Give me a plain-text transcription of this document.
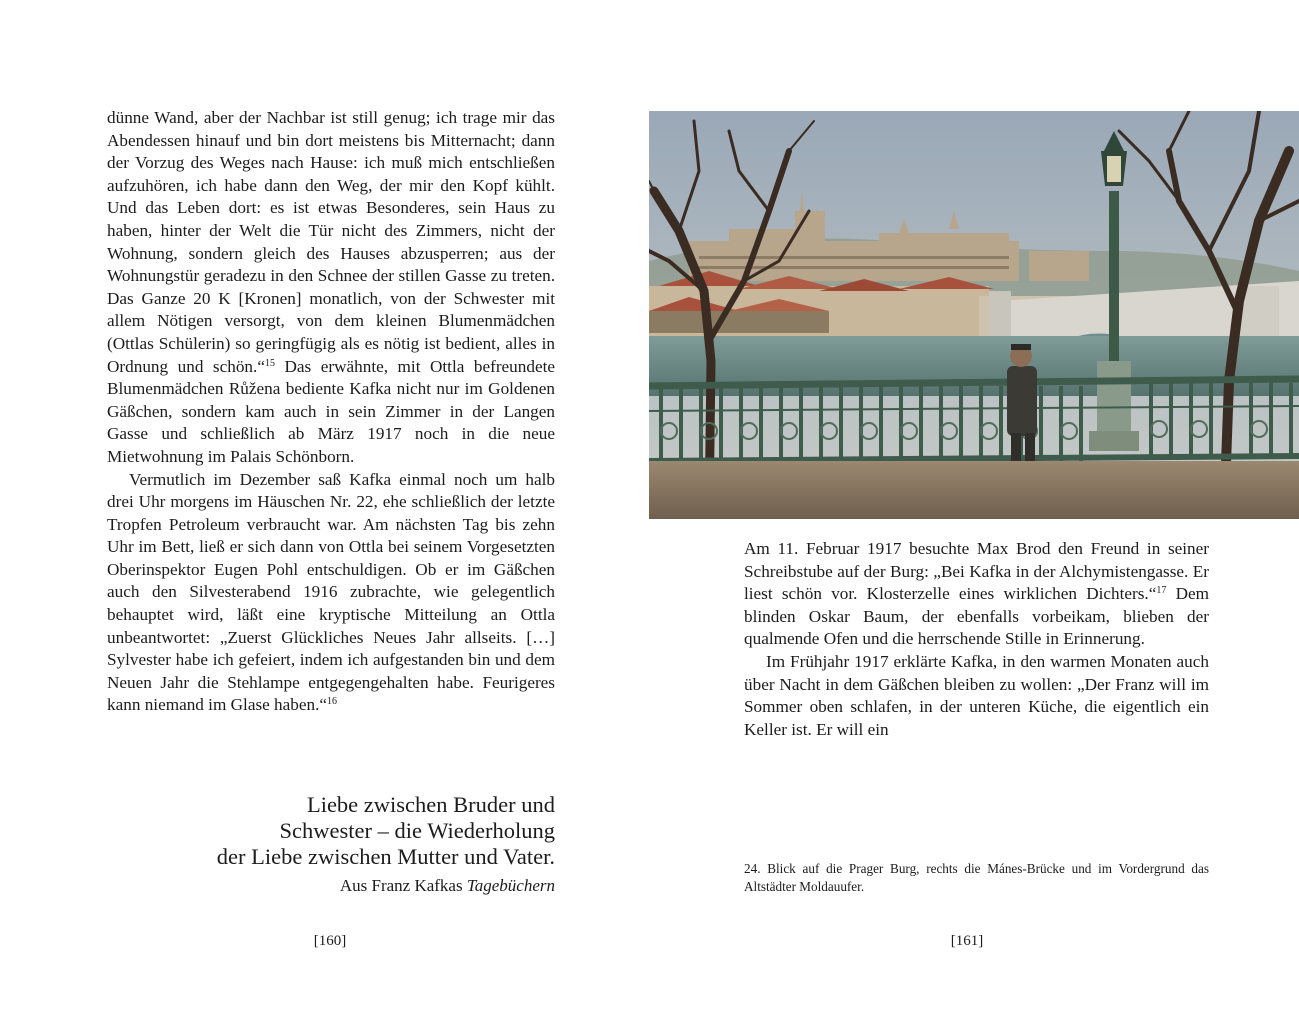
dünne Wand, aber der Nachbar ist still genug; ich trage mir das Abendessen hinauf und bin dort meistens bis Mitternacht; dann der Vorzug des Weges nach Hause: ich muß mich entschließen aufzuhören, ich habe dann den Weg, der mir den Kopf kühlt. Und das Leben dort: es ist etwas Besonderes, sein Haus zu haben, hinter der Welt die Tür nicht des Zimmers, nicht der Wohnung, sondern gleich des Hauses abzusperren; aus der Wohnungstür geradezu in den Schnee der stillen Gasse zu treten. Das Ganze 20 K [Kronen] monatlich, von der Schwester mit allem Nötigen versorgt, von dem kleinen Blumenmädchen (Ottlas Schülerin) so geringfügig als es nötig ist bedient, alles in Ordnung und schön.“$^{15}$ Das erwähnte, mit Ottla befreundete Blumenmädchen Růžena bediente Kafka nicht nur im Goldenen Gäßchen, sondern kam auch in sein Zimmer in der Langen Gasse und schließlich ab März 1917 noch in die neue Mietwohnung im Palais Schönborn.

Vermutlich im Dezember saß Kafka einmal noch um halb drei Uhr morgens im Häuschen Nr. 22, ehe schließlich der letzte Tropfen Petroleum verbraucht war. Am nächsten Tag bis zehn Uhr im Bett, ließ er sich dann von Ottla bei seinem Vorgesetzten Oberinspektor Eugen Pohl entschuldigen. Ob er im Gäßchen auch den Silvesterabend 1916 zubrachte, wie gelegentlich behauptet wird, läßt eine kryptische Mitteilung an Ottla unbeantwortet: „Zuerst Glückliches Neues Jahr allseits. […] Sylvester habe ich gefeiert, indem ich aufgestanden bin und dem Neuen Jahr die Stehlampe entgegengehalten habe. Feurigeres kann niemand im Glase haben.“$^{16}$

Liebe zwischen Bruder und
Schwester – die Wiederholung
der Liebe zwischen Mutter und Vater.
Aus Franz Kafkas Tagebüchern
[160]

Am 11. Februar 1917 besuchte Max Brod den Freund in seiner Schreibstube auf der Burg: „Bei Kafka in der Alchymistengasse. Er liest schön vor. Klosterzelle eines wirklichen Dichters.“$^{17}$ Dem blinden Oskar Baum, der ebenfalls vorbeikam, blieben der qualmende Ofen und die herrschende Stille in Erinnerung.

Im Frühjahr 1917 erklärte Kafka, in den warmen Monaten auch über Nacht in dem Gäßchen bleiben zu wollen: „Der Franz will im Sommer oben schlafen, in der unteren Küche, die eigentlich ein Keller ist. Er will ein

24. Blick auf die Prager Burg, rechts die Mánes-Brücke und im Vordergrund das Altstädter Moldauufer.
[161]
